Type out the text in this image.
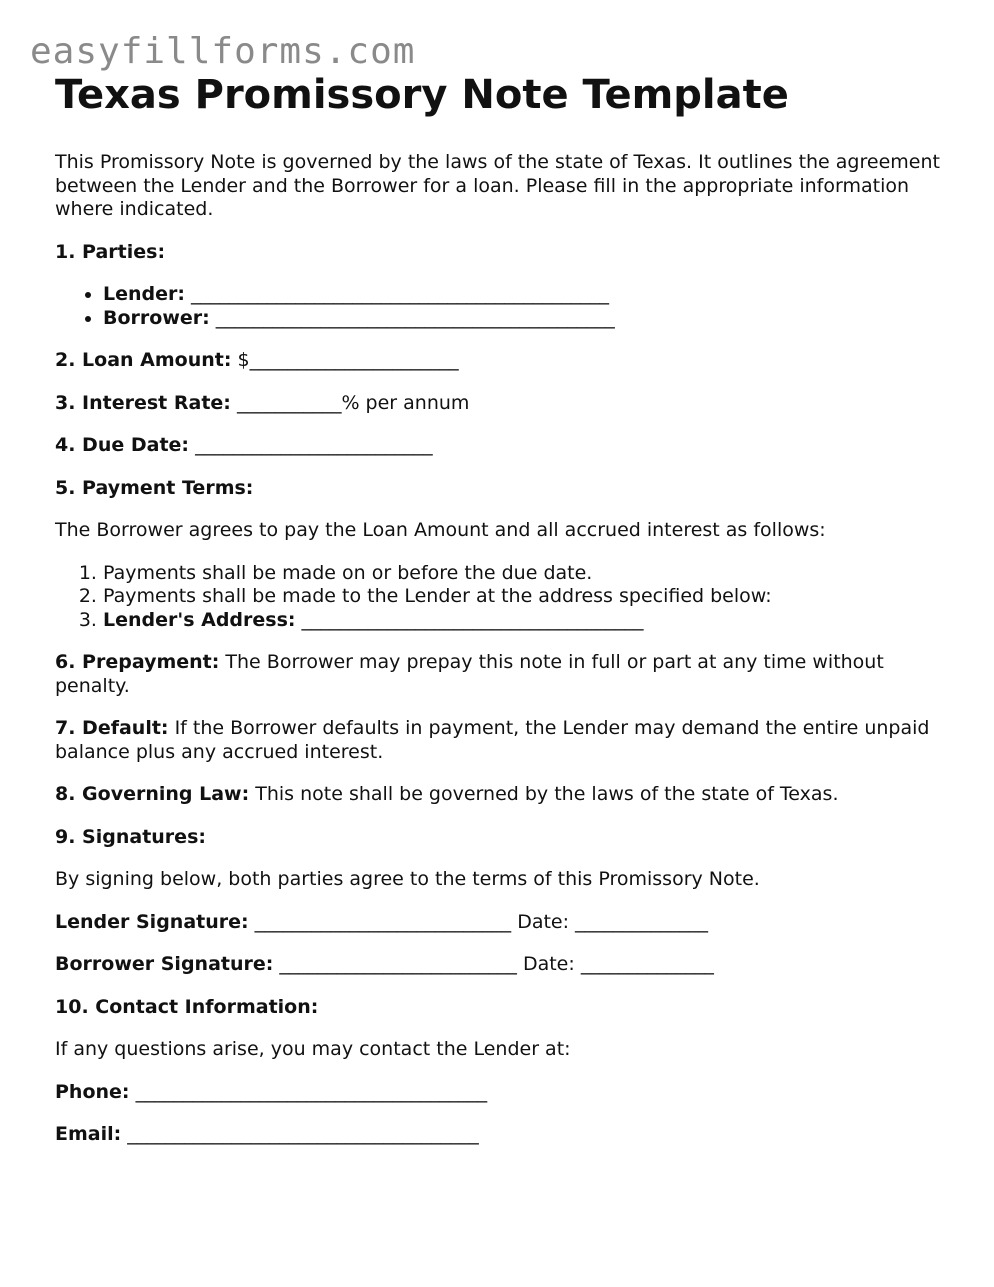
easyfillforms.com
Texas Promissory Note Template

This Promissory Note is governed by the laws of the state of Texas. It outlines the agreement between the Lender and the Borrower for a loan. Please fill in the appropriate information where indicated.

1. Parties:

• Lender: ____________________________________________
• Borrower: __________________________________________

2. Loan Amount: $______________________

3. Interest Rate: ___________% per annum

4. Due Date: _________________________

5. Payment Terms:

The Borrower agrees to pay the Loan Amount and all accrued interest as follows:

1. Payments shall be made on or before the due date.
2. Payments shall be made to the Lender at the address specified below:
3. Lender's Address: ____________________________________

6. Prepayment: The Borrower may prepay this note in full or part at any time without penalty.

7. Default: If the Borrower defaults in payment, the Lender may demand the entire unpaid balance plus any accrued interest.

8. Governing Law: This note shall be governed by the laws of the state of Texas.

9. Signatures:

By signing below, both parties agree to the terms of this Promissory Note.

Lender Signature: ___________________________ Date: ______________

Borrower Signature: _________________________ Date: ______________

10. Contact Information:

If any questions arise, you may contact the Lender at:

Phone: _____________________________________

Email: _____________________________________
